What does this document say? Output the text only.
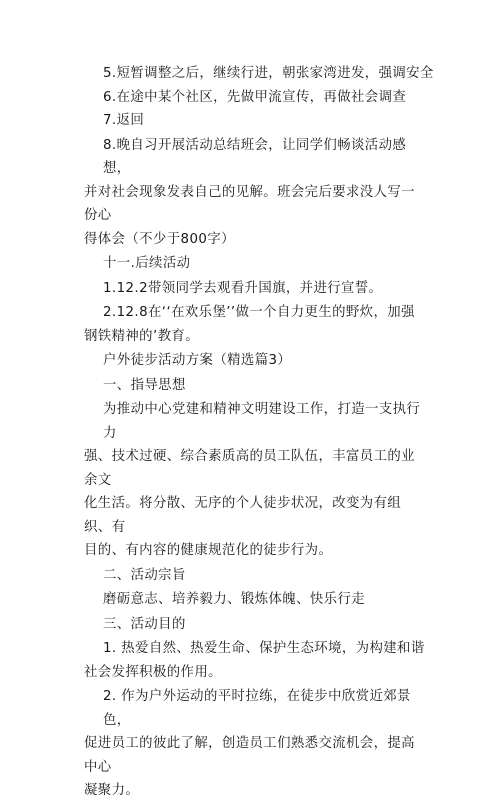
5.短暂调整之后，继续行进，朝张家湾进发，强调安全
6.在途中某个社区，先做甲流宣传，再做社会调查
7.返回
8.晚自习开展活动总结班会，让同学们畅谈活动感想，
并对社会现象发表自己的见解。班会完后要求没人写一份心
得体会（不少于800字）
十一.后续活动
1.12.2带领同学去观看升国旗，并进行宣誓。
2.12.8在‘‘在欢乐堡’’做一个自力更生的野炊，加强
钢铁精神的’教育。
户外徒步活动方案（精选篇3）
一、指导思想
为推动中心党建和精神文明建设工作，打造一支执行力
强、技术过硬、综合素质高的员工队伍，丰富员工的业余文
化生活。将分散、无序的个人徒步状况，改变为有组织、有
目的、有内容的健康规范化的徒步行为。
二、活动宗旨
磨砺意志、培养毅力、锻炼体魄、快乐行走
三、活动目的
1. 热爱自然、热爱生命、保护生态环境，为构建和谐
社会发挥积极的作用。
2. 作为户外运动的平时拉练，在徒步中欣赏近郊景色，
促进员工的彼此了解，创造员工们熟悉交流机会，提高中心
凝聚力。
